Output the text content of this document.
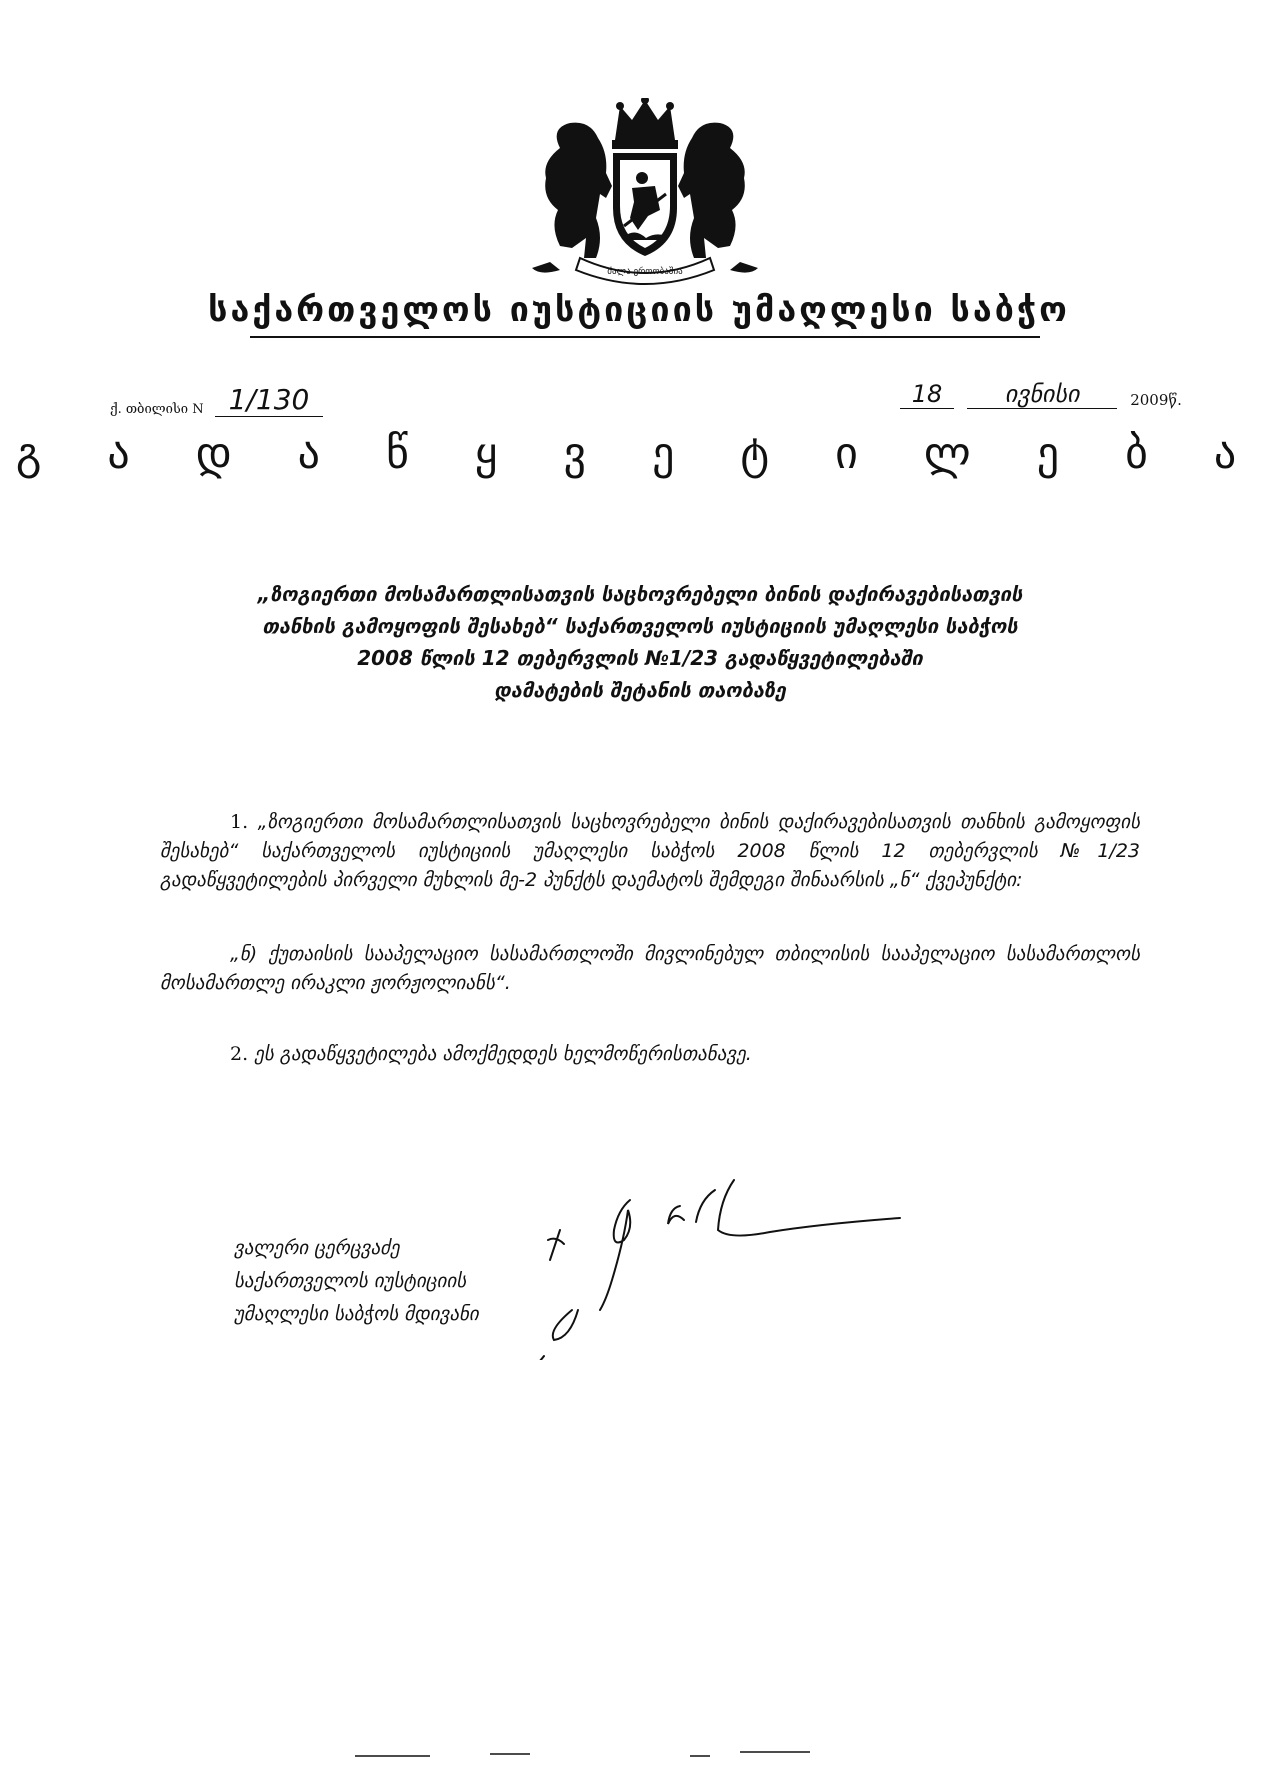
ძალა ერთობაშია
საქართველოს იუსტიციის უმაღლესი საბჭო
ქ. თბილისი N 1/130	18	ივნისი	2009წ.
გ ა დ ა წ ყ ვ ე ტ ი ლ ე ბ ა
„ზოგიერთი მოსამართლისათვის საცხოვრებელი ბინის დაქირავებისათვის
თანხის გამოყოფის შესახებ“ საქართველოს იუსტიციის უმაღლესი საბჭოს
2008 წლის 12 თებერვლის №1/23 გადაწყვეტილებაში
დამატების შეტანის თაობაზე
1. „ზოგიერთი მოსამართლისათვის საცხოვრებელი ბინის დაქირავებისათვის თანხის გამოყოფის შესახებ“ საქართველოს იუსტიციის უმაღლესი საბჭოს 2008 წლის 12 თებერვლის №1/23 გადაწყვეტილების პირველი მუხლის მე-2 პუნქტს დაემატოს შემდეგი შინაარსის „ნ“ ქვეპუნქტი:
„ნ) ქუთაისის სააპელაციო სასამართლოში მივლინებულ თბილისის სააპელაციო სასამართლოს მოსამართლე ირაკლი ჟორჟოლიანს“.
2. ეს გადაწყვეტილება ამოქმედდეს ხელმოწერისთანავე.
ვალერი ცერცვაძე
საქართველოს იუსტიციის
უმაღლესი საბჭოს მდივანი
